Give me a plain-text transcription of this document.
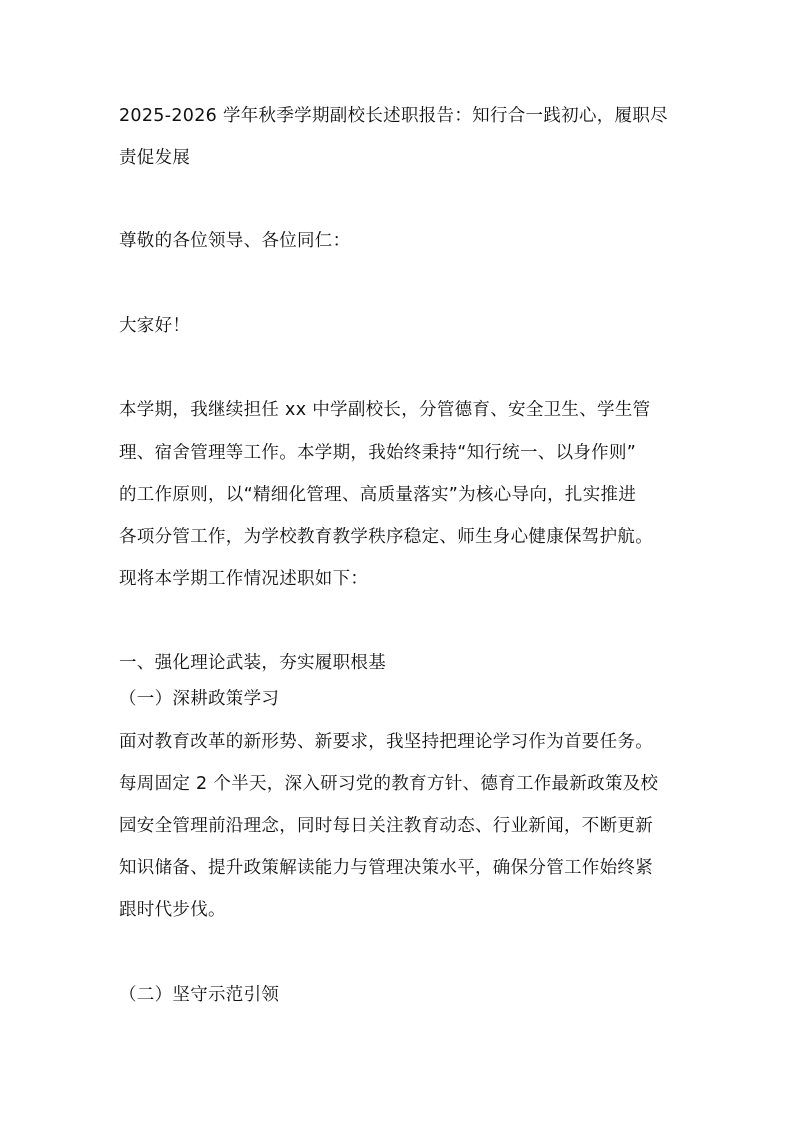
2025-2026 学年秋季学期副校长述职报告：知行合一践初心，履职尽
责促发展
尊敬的各位领导、各位同仁：
大家好！
本学期，我继续担任 xx 中学副校长，分管德育、安全卫生、学生管
理、宿舍管理等工作。本学期，我始终秉持“知行统一、以身作则”
的工作原则，以“精细化管理、高质量落实”为核心导向，扎实推进
各项分管工作，为学校教育教学秩序稳定、师生身心健康保驾护航。
现将本学期工作情况述职如下：
一、强化理论武装，夯实履职根基
（一）深耕政策学习
面对教育改革的新形势、新要求，我坚持把理论学习作为首要任务。
每周固定 2 个半天，深入研习党的教育方针、德育工作最新政策及校
园安全管理前沿理念，同时每日关注教育动态、行业新闻，不断更新
知识储备、提升政策解读能力与管理决策水平，确保分管工作始终紧
跟时代步伐。
（二）坚守示范引领
